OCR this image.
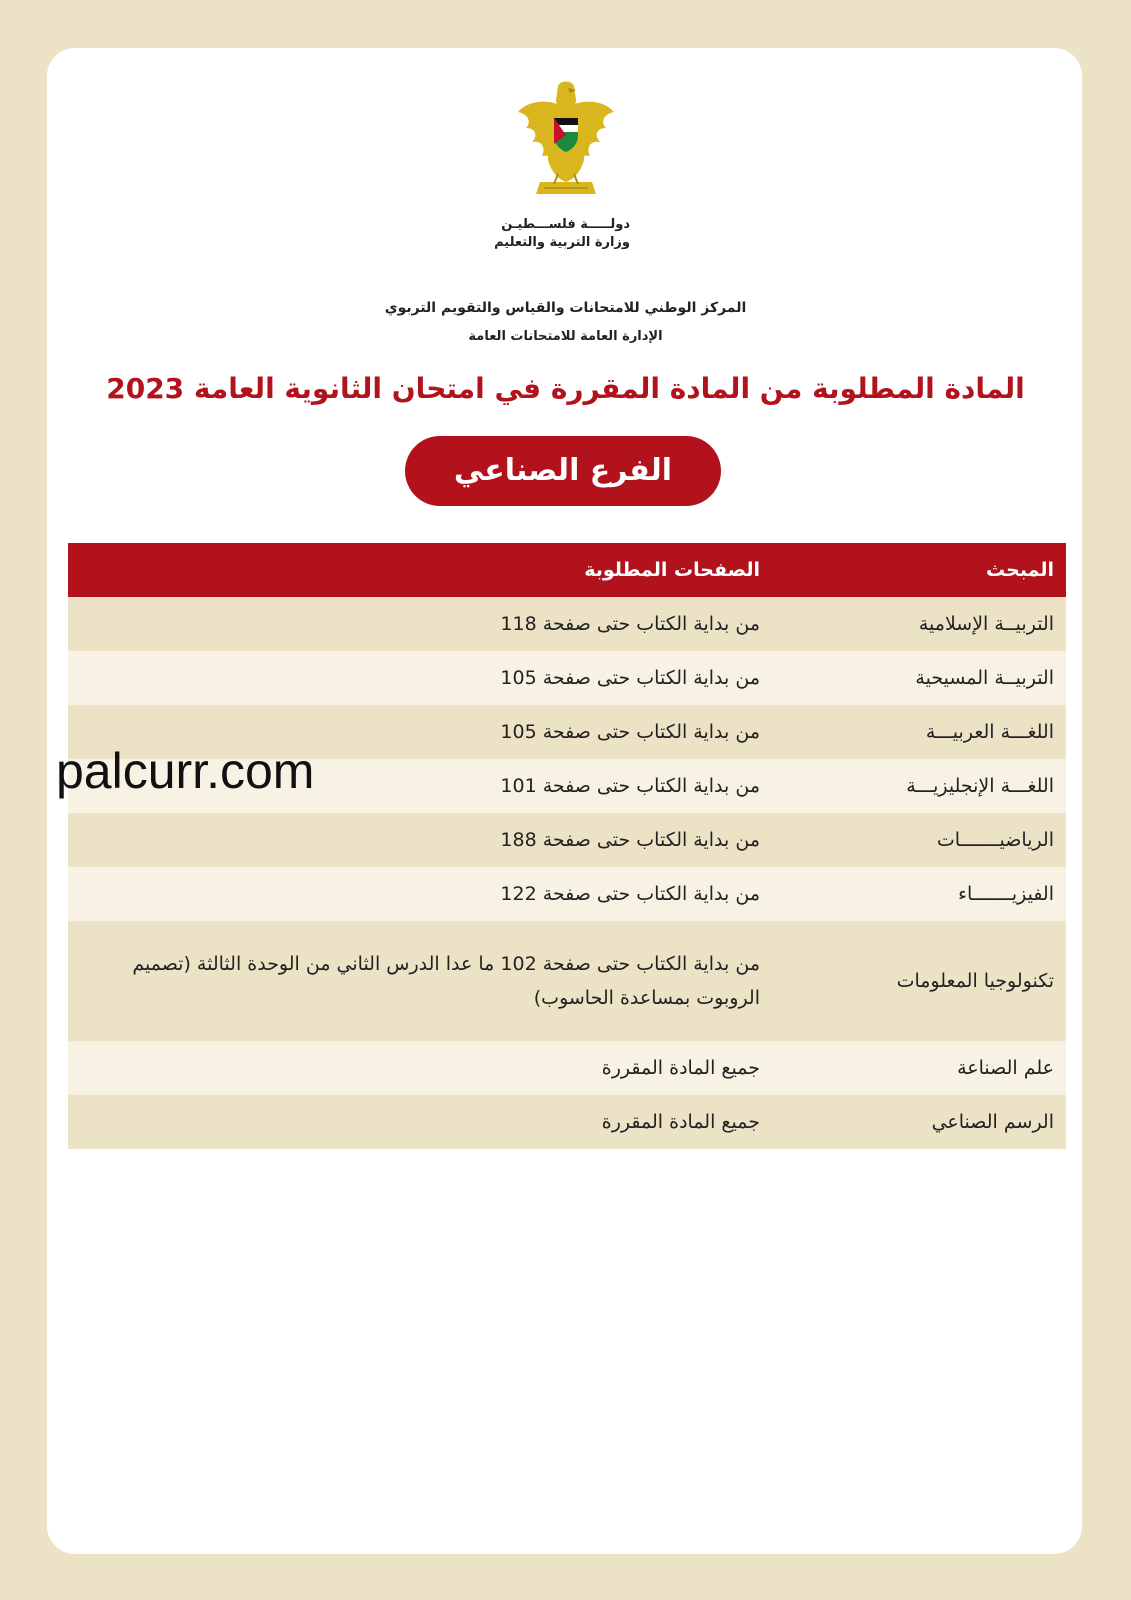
دولـــــة فلســـطيـن
وزارة التربية والتعليم
المركز الوطني للامتحانات والقياس والتقويم التربوي
الإدارة العامة للامتحانات العامة
المادة المطلوبة من المادة المقررة في امتحان الثانوية العامة 2023
الفرع الصناعي
المبحث
الصفحات المطلوبة
التربيــة الإسلامية
من بداية الكتاب حتى صفحة 118
التربيــة المسيحية
من بداية الكتاب حتى صفحة 105
اللغـــة العربيـــة
من بداية الكتاب حتى صفحة 105
اللغـــة الإنجليزيـــة
من بداية الكتاب حتى صفحة 101
الرياضيـــــــات
من بداية الكتاب حتى صفحة 188
الفيزيـــــــاء
من بداية الكتاب حتى صفحة 122
تكنولوجيا المعلومات
من بداية الكتاب حتى صفحة 102 ما عدا الدرس الثاني من الوحدة الثالثة (تصميم الروبوت بمساعدة الحاسوب)
علم الصناعة
جميع المادة المقررة
الرسم الصناعي
جميع المادة المقررة
palcurr.com
